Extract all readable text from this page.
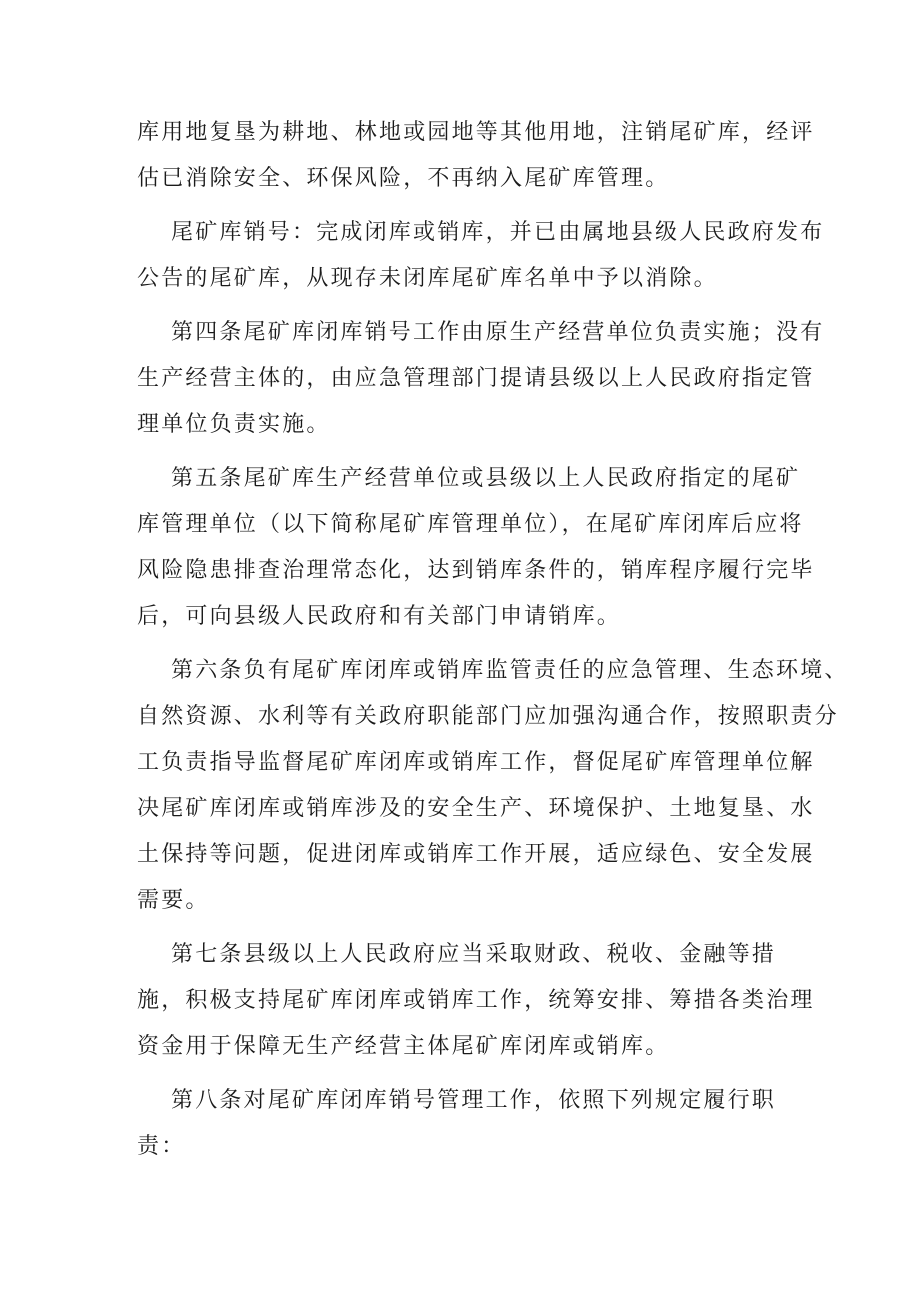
库用地复垦为耕地、林地或园地等其他用地，注销尾矿库，经评
估已消除安全、环保风险，不再纳入尾矿库管理。
尾矿库销号：完成闭库或销库，并已由属地县级人民政府发布
公告的尾矿库，从现存未闭库尾矿库名单中予以消除。
第四条尾矿库闭库销号工作由原生产经营单位负责实施；没有
生产经营主体的，由应急管理部门提请县级以上人民政府指定管
理单位负责实施。
第五条尾矿库生产经营单位或县级以上人民政府指定的尾矿
库管理单位（以下简称尾矿库管理单位），在尾矿库闭库后应将
风险隐患排查治理常态化，达到销库条件的，销库程序履行完毕
后，可向县级人民政府和有关部门申请销库。
第六条负有尾矿库闭库或销库监管责任的应急管理、生态环境、
自然资源、水利等有关政府职能部门应加强沟通合作，按照职责分
工负责指导监督尾矿库闭库或销库工作，督促尾矿库管理单位解
决尾矿库闭库或销库涉及的安全生产、环境保护、土地复垦、水
土保持等问题，促进闭库或销库工作开展，适应绿色、安全发展
需要。
第七条县级以上人民政府应当采取财政、税收、金融等措
施，积极支持尾矿库闭库或销库工作，统筹安排、筹措各类治理
资金用于保障无生产经营主体尾矿库闭库或销库。
第八条对尾矿库闭库销号管理工作，依照下列规定履行职
责：
